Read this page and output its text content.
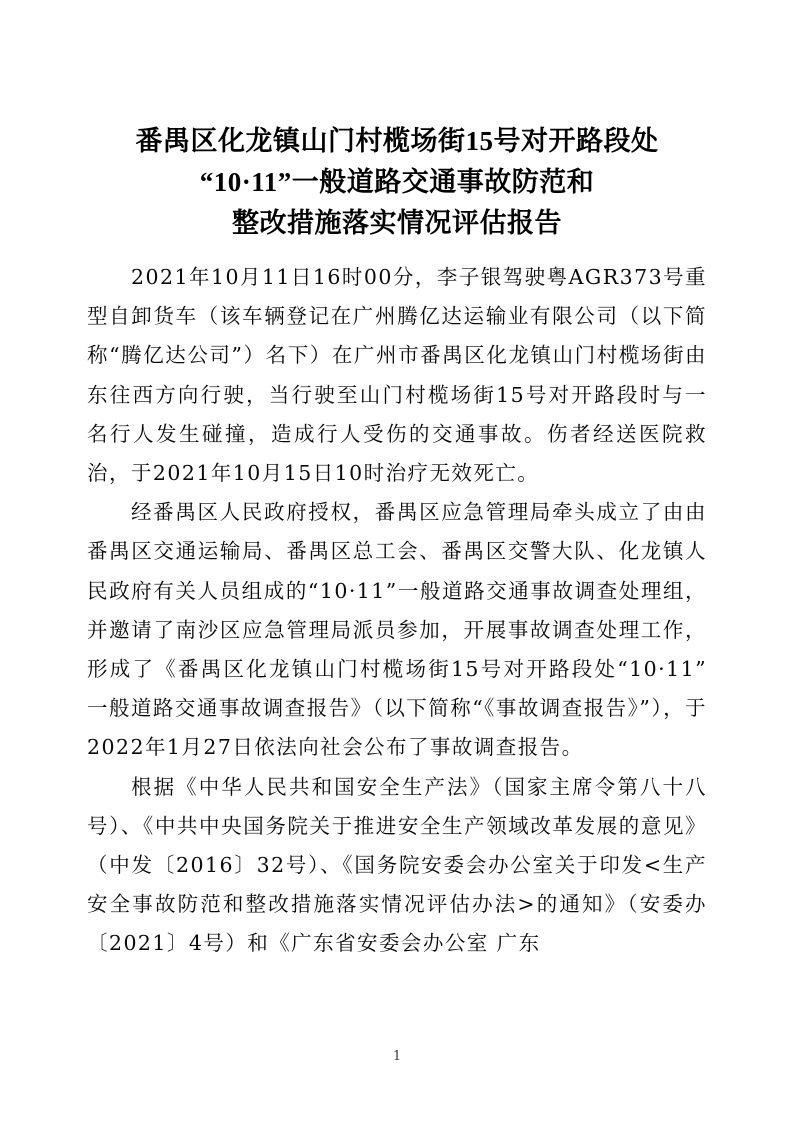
番禺区化龙镇山门村榄场街15号对开路段处
“10·11”一般道路交通事故防范和
整改措施落实情况评估报告

2021年10月11日16时00分，李子银驾驶粤AGR373号重型自卸货车（该车辆登记在广州腾亿达运输业有限公司（以下简称“腾亿达公司”）名下）在广州市番禺区化龙镇山门村榄场街由东往西方向行驶，当行驶至山门村榄场街15号对开路段时与一名行人发生碰撞，造成行人受伤的交通事故。伤者经送医院救治，于2021年10月15日10时治疗无效死亡。

经番禺区人民政府授权，番禺区应急管理局牵头成立了由由番禺区交通运输局、番禺区总工会、番禺区交警大队、化龙镇人民政府有关人员组成的“10·11”一般道路交通事故调查处理组，并邀请了南沙区应急管理局派员参加，开展事故调查处理工作，形成了《番禺区化龙镇山门村榄场街15号对开路段处“10·11”一般道路交通事故调查报告》（以下简称“《事故调查报告》”），于2022年1月27日依法向社会公布了事故调查报告。

根据《中华人民共和国安全生产法》（国家主席令第八十八号）、《中共中央国务院关于推进安全生产领域改革发展的意见》（中发〔2016〕32号）、《国务院安委会办公室关于印发<生产安全事故防范和整改措施落实情况评估办法>的通知》（安委办〔2021〕4号）和《广东省安委会办公室 广东

1
